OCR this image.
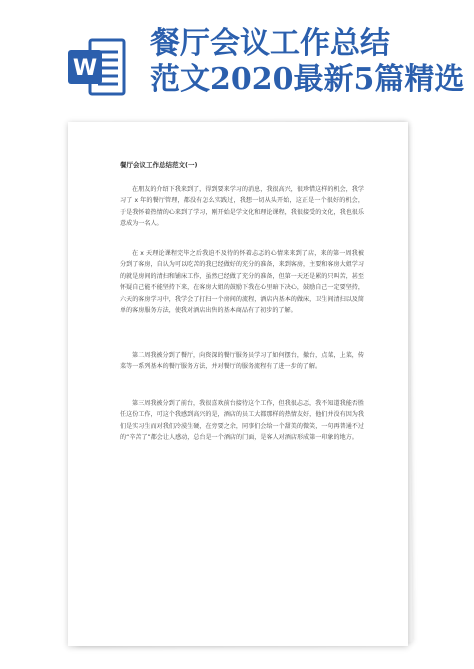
W
餐厅会议工作总结
范文2020最新5篇精选
餐厅会议工作总结范文(一)
在朋友的介绍下我来到了，得到要来学习的消息，我很高兴，很珍惜这样的机会，我学习了 x 年的餐厅管理，都没有怎么实践过，我想一切从头开始，这正是一个很好的机会，于是我怀着热情的心来到了学习，刚开始是学文化和理论课程，我很接受的文化，我也很乐意成为一名人。
在 x 天理论课程完毕之后我迫不及待的怀着忐忑的心情来来到了店，来的第一周我被分到了客房，自认为可以吃苦的我已经做好的充分的准备，来到客房，主要和客房大姐学习的就是房间的清扫和铺床工作，虽然已经做了充分的准备，但第一天还是累的只叫苦，甚至怀疑自己能不能坚持下来，在客房大姐的鼓励下我在心里暗下决心，鼓励自己一定要坚持，六天的客房学习中，我学会了打扫一个房间的流程，酒店内基本的做床，卫生间清扫以及简单的客房服务方法，使我对酒店出售的基本商品有了初步的了解。
第二周我被分到了餐厅，向资深的餐厅服务员学习了如何摆台，撤台，点菜，上菜，传菜等一系列基本的餐厅服务方法，并对餐厅的服务流程有了进一步的了解。
第三周我被分到了前台，我很喜欢前台接待这个工作，但我很忐忑，我不知道我能否胜任这份工作，可这个我感到高兴的是，酒店的员工大都那样的热情友好，他们并没有因为我们是实习生而对我们冷漠生硬，在旁要之余，同事们会给一个甜美的微笑，一句再普通不过的“辛苦了”都会让人感动，总台是一个酒店的门面，是客人对酒店形成第一印象的地方。
